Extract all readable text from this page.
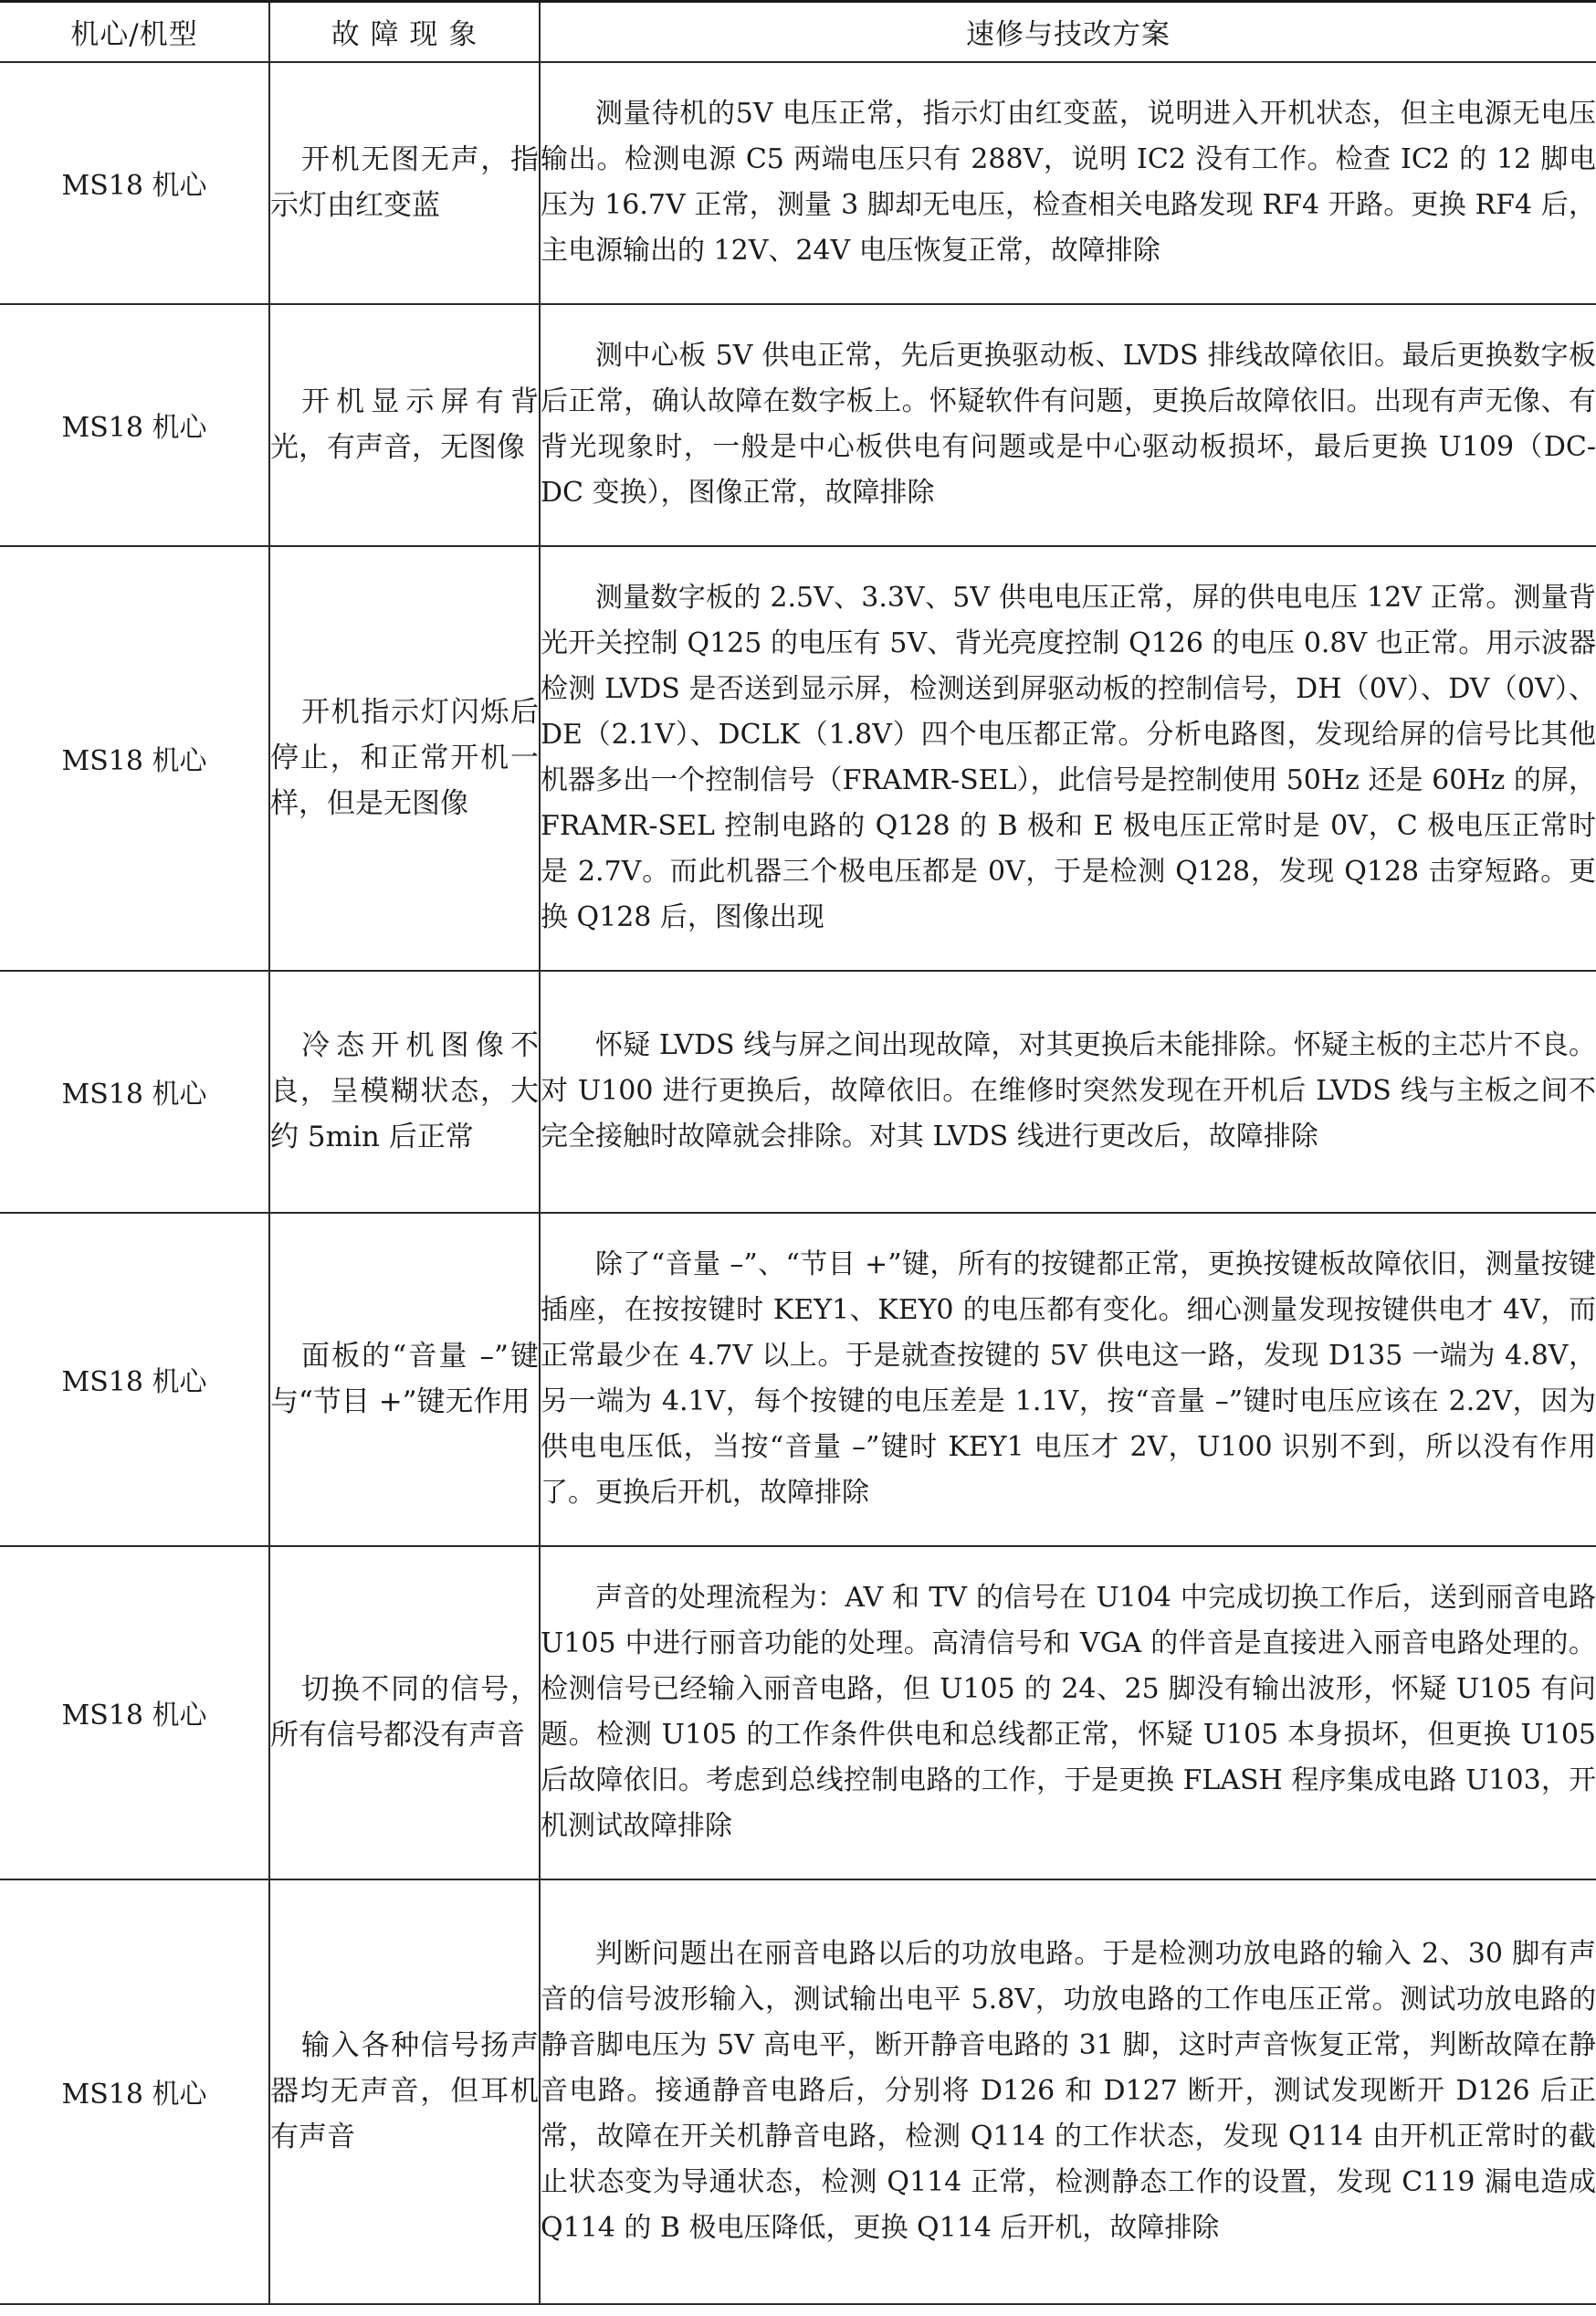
机心/机型	故 障 现 象	速修与技改方案
MS18 机心	开机无图无声，指示灯由红变蓝	测量待机的5V 电压正常，指示灯由红变蓝，说明进入开机状态，但主电源无电压输出。检测电源 C5 两端电压只有 288V，说明 IC2 没有工作。检查 IC2 的 12 脚电压为 16.7V 正常，测量 3 脚却无电压，检查相关电路发现 RF4 开路。更换 RF4 后，主电源输出的 12V、24V 电压恢复正常，故障排除
MS18 机心	开机显示屏有背光，有声音，无图像	测中心板 5V 供电正常，先后更换驱动板、LVDS 排线故障依旧。最后更换数字板后正常，确认故障在数字板上。怀疑软件有问题，更换后故障依旧。出现有声无像、有背光现象时，一般是中心板供电有问题或是中心驱动板损坏，最后更换 U109（DC-DC 变换），图像正常，故障排除
MS18 机心	开机指示灯闪烁后停止，和正常开机一样，但是无图像	测量数字板的 2.5V、3.3V、5V 供电电压正常，屏的供电电压 12V 正常。测量背光开关控制 Q125 的电压有 5V、背光亮度控制 Q126 的电压 0.8V 也正常。用示波器检测 LVDS 是否送到显示屏，检测送到屏驱动板的控制信号，DH（0V）、DV（0V）、DE（2.1V）、DCLK（1.8V）四个电压都正常。分析电路图，发现给屏的信号比其他机器多出一个控制信号（FRAMR-SEL），此信号是控制使用 50Hz 还是 60Hz 的屏，FRAMR-SEL 控制电路的 Q128 的 B 极和 E 极电压正常时是 0V，C 极电压正常时是 2.7V。而此机器三个极电压都是 0V，于是检测 Q128，发现 Q128 击穿短路。更换 Q128 后，图像出现
MS18 机心	冷态开机图像不良，呈模糊状态，大约 5min 后正常	怀疑 LVDS 线与屏之间出现故障，对其更换后未能排除。怀疑主板的主芯片不良。对 U100 进行更换后，故障依旧。在维修时突然发现在开机后 LVDS 线与主板之间不完全接触时故障就会排除。对其 LVDS 线进行更改后，故障排除
MS18 机心	面板的“音量 –”键与“节目 +”键无作用	除了“音量 –”、“节目 +”键，所有的按键都正常，更换按键板故障依旧，测量按键插座，在按按键时 KEY1、KEY0 的电压都有变化。细心测量发现按键供电才 4V，而正常最少在 4.7V 以上。于是就查按键的 5V 供电这一路，发现 D135 一端为 4.8V，另一端为 4.1V，每个按键的电压差是 1.1V，按“音量 –”键时电压应该在 2.2V，因为供电电压低，当按“音量 –”键时 KEY1 电压才 2V，U100 识别不到，所以没有作用了。更换后开机，故障排除
MS18 机心	切换不同的信号，所有信号都没有声音	声音的处理流程为：AV 和 TV 的信号在 U104 中完成切换工作后，送到丽音电路 U105 中进行丽音功能的处理。高清信号和 VGA 的伴音是直接进入丽音电路处理的。检测信号已经输入丽音电路，但 U105 的 24、25 脚没有输出波形，怀疑 U105 有问题。检测 U105 的工作条件供电和总线都正常，怀疑 U105 本身损坏，但更换 U105 后故障依旧。考虑到总线控制电路的工作，于是更换 FLASH 程序集成电路 U103，开机测试故障排除
MS18 机心	输入各种信号扬声器均无声音，但耳机有声音	判断问题出在丽音电路以后的功放电路。于是检测功放电路的输入 2、30 脚有声音的信号波形输入，测试输出电平 5.8V，功放电路的工作电压正常。测试功放电路的静音脚电压为 5V 高电平，断开静音电路的 31 脚，这时声音恢复正常，判断故障在静音电路。接通静音电路后，分别将 D126 和 D127 断开，测试发现断开 D126 后正常，故障在开关机静音电路，检测 Q114 的工作状态，发现 Q114 由开机正常时的截止状态变为导通状态，检测 Q114 正常，检测静态工作的设置，发现 C119 漏电造成 Q114 的 B 极电压降低，更换 Q114 后开机，故障排除
